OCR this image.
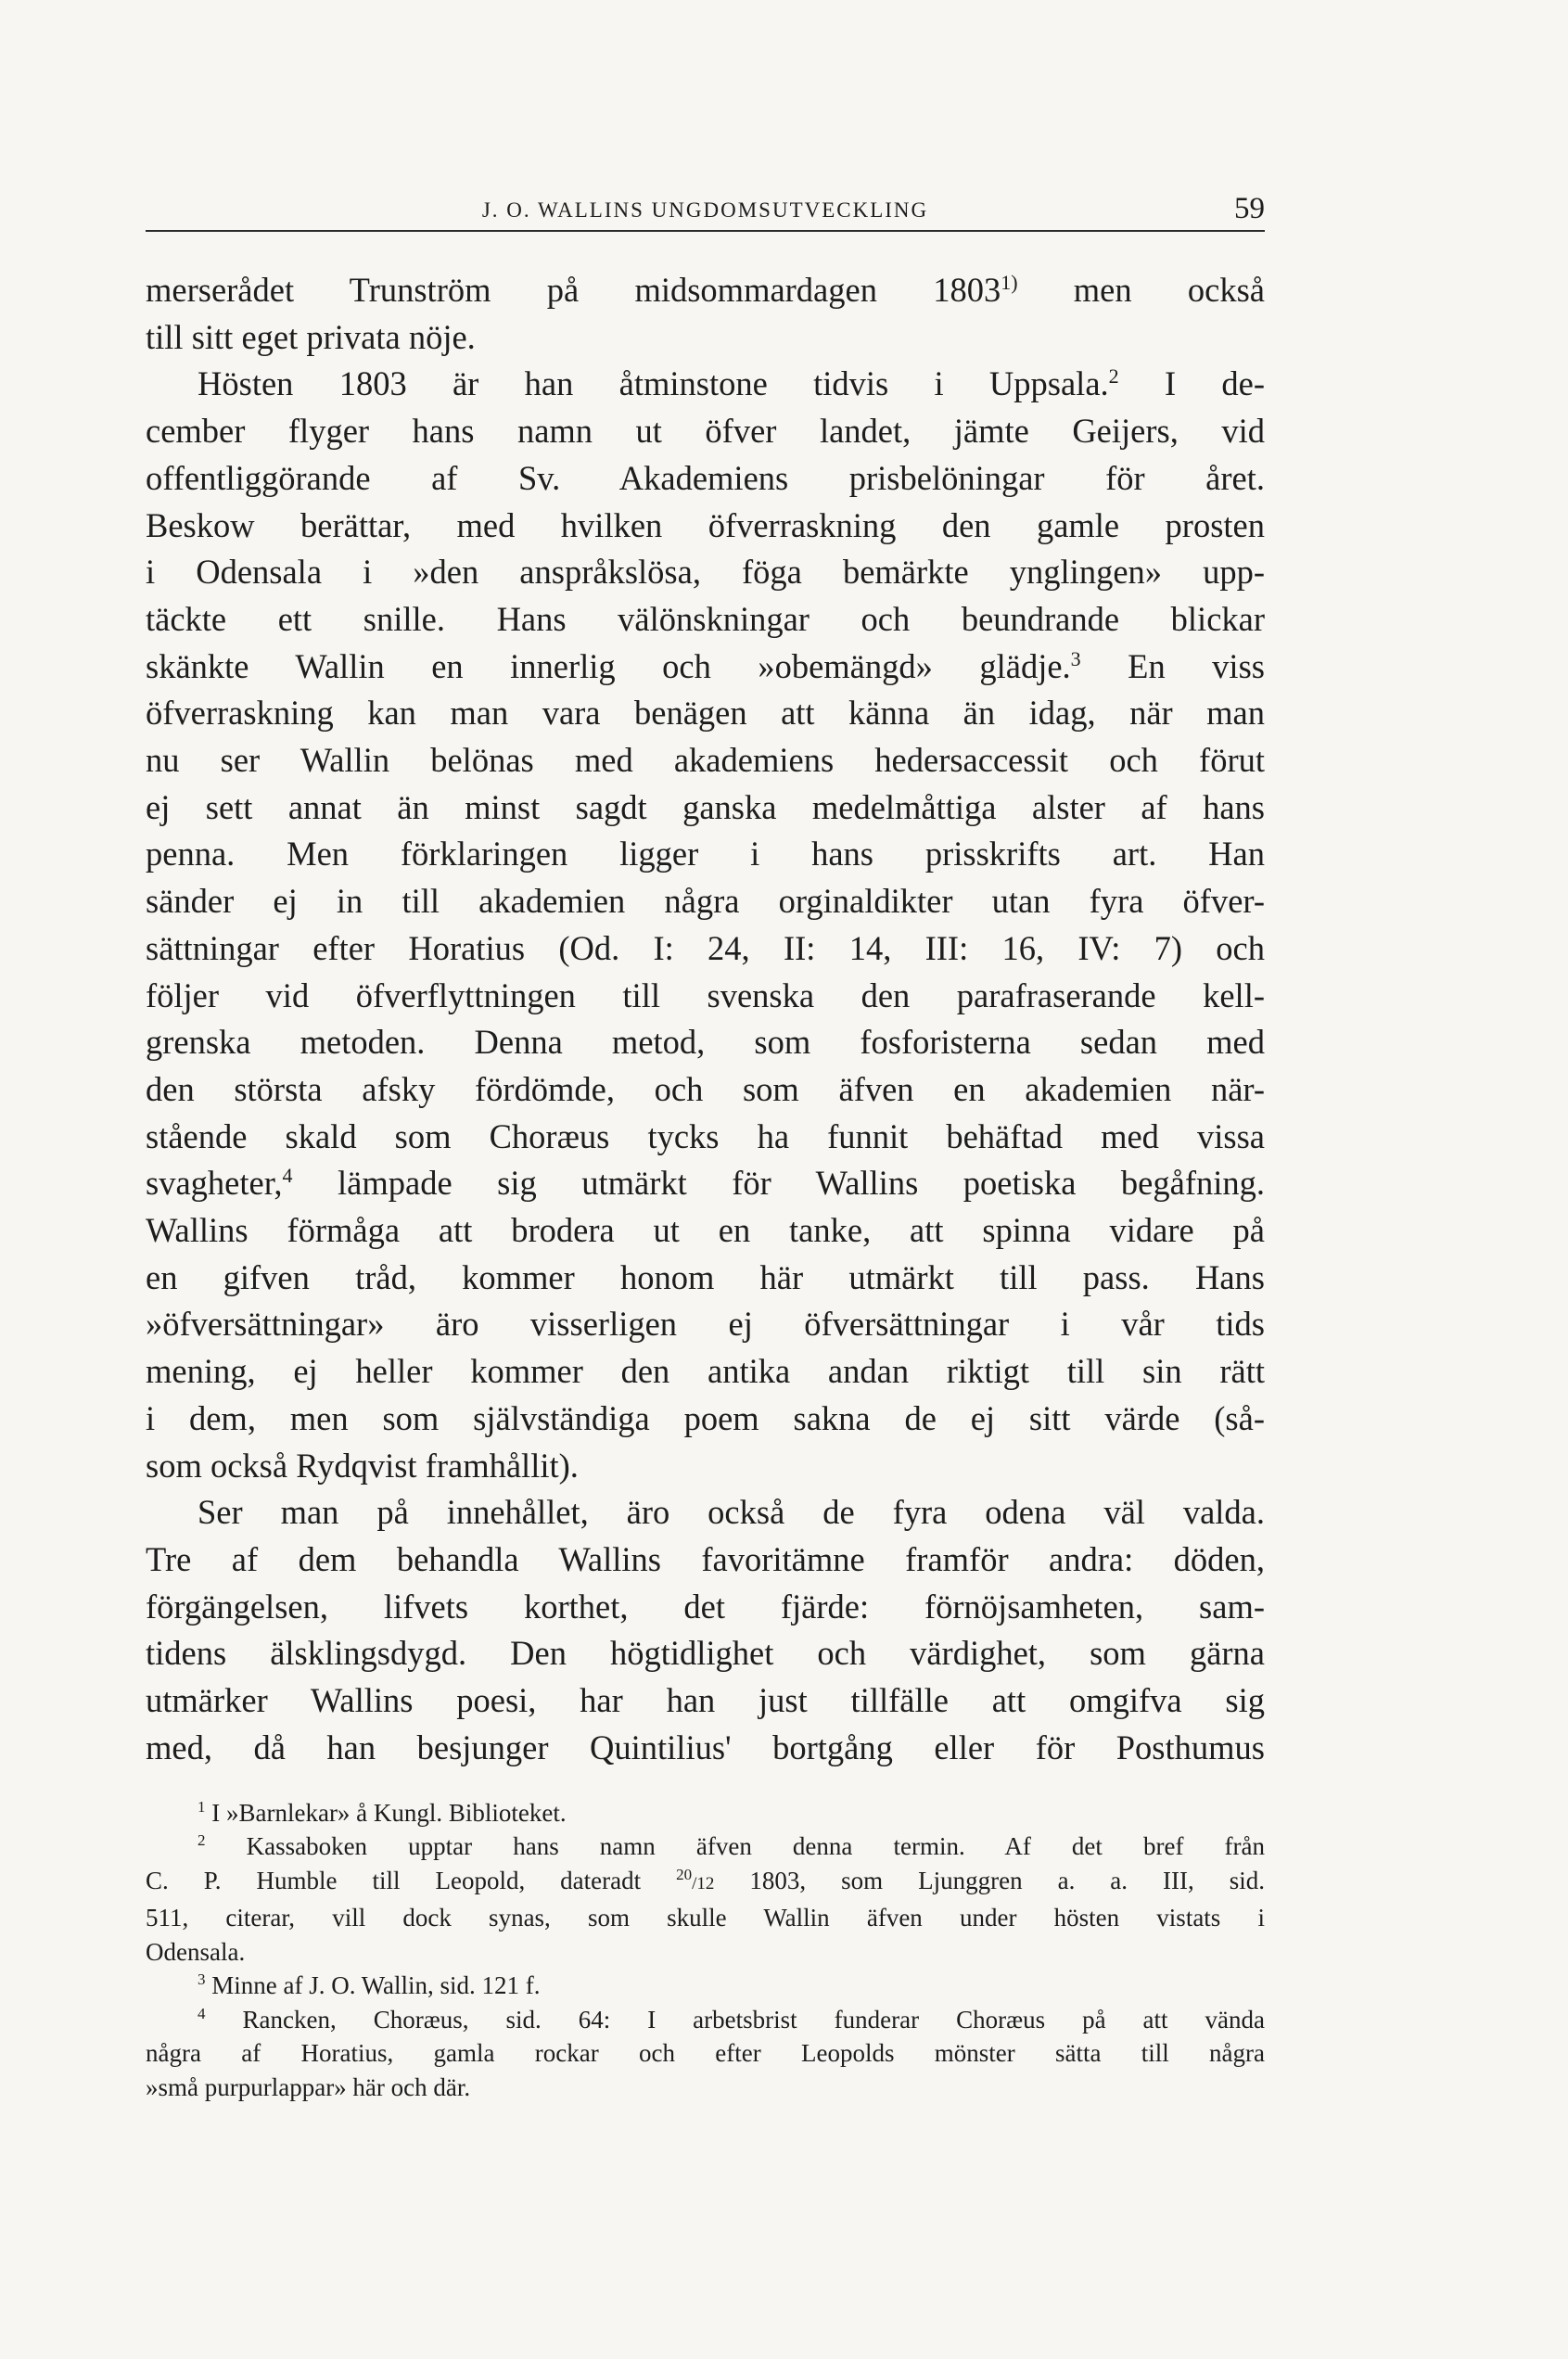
J. O. WALLINS UNGDOMSUTVECKLING	59
merserådet Trunström på midsommardagen 1803$^{1)}$ men också
till sitt eget privata nöje.
Hösten 1803 är han åtminstone tidvis i Uppsala.$^2$ I de-
cember flyger hans namn ut öfver landet, jämte Geijers, vid
offentliggörande af Sv. Akademiens prisbelöningar för året.
Beskow berättar, med hvilken öfverraskning den gamle prosten
i Odensala i »den anspråkslösa, föga bemärkte ynglingen» upp-
täckte ett snille. Hans välönskningar och beundrande blickar
skänkte Wallin en innerlig och »obemängd» glädje.$^3$ En viss
öfverraskning kan man vara benägen att känna än idag, när man
nu ser Wallin belönas med akademiens hedersaccessit och förut
ej sett annat än minst sagdt ganska medelmåttiga alster af hans
penna. Men förklaringen ligger i hans prisskrifts art. Han
sänder ej in till akademien några orginaldikter utan fyra öfver-
sättningar efter Horatius (Od. I: 24, II: 14, III: 16, IV: 7) och
följer vid öfverflyttningen till svenska den parafraserande kell-
grenska metoden. Denna metod, som fosforisterna sedan med
den största afsky fördömde, och som äfven en akademien när-
stående skald som Choræus tycks ha funnit behäftad med vissa
svagheter,$^4$ lämpade sig utmärkt för Wallins poetiska begåfning.
Wallins förmåga att brodera ut en tanke, att spinna vidare på
en gifven tråd, kommer honom här utmärkt till pass. Hans
»öfversättningar» äro visserligen ej öfversättningar i vår tids
mening, ej heller kommer den antika andan riktigt till sin rätt
i dem, men som självständiga poem sakna de ej sitt värde (så-
som också Rydqvist framhållit).
Ser man på innehållet, äro också de fyra odena väl valda.
Tre af dem behandla Wallins favoritämne framför andra: döden,
förgängelsen, lifvets korthet, det fjärde: förnöjsamheten, sam-
tidens älsklingsdygd. Den högtidlighet och värdighet, som gärna
utmärker Wallins poesi, har han just tillfälle att omgifva sig
med, då han besjunger Quintilius' bortgång eller för Posthumus
$^1$ I »Barnlekar» å Kungl. Biblioteket.
$^2$ Kassaboken upptar hans namn äfven denna termin. Af det bref från
C. P. Humble till Leopold, dateradt $^{20}$/12 1803, som Ljunggren a. a. III, sid.
511, citerar, vill dock synas, som skulle Wallin äfven under hösten vistats i
Odensala.
$^3$ Minne af J. O. Wallin, sid. 121 f.
$^4$ Rancken, Choræus, sid. 64: I arbetsbrist funderar Choræus på att vända
några af Horatius, gamla rockar och efter Leopolds mönster sätta till några
»små purpurlappar» här och där.
